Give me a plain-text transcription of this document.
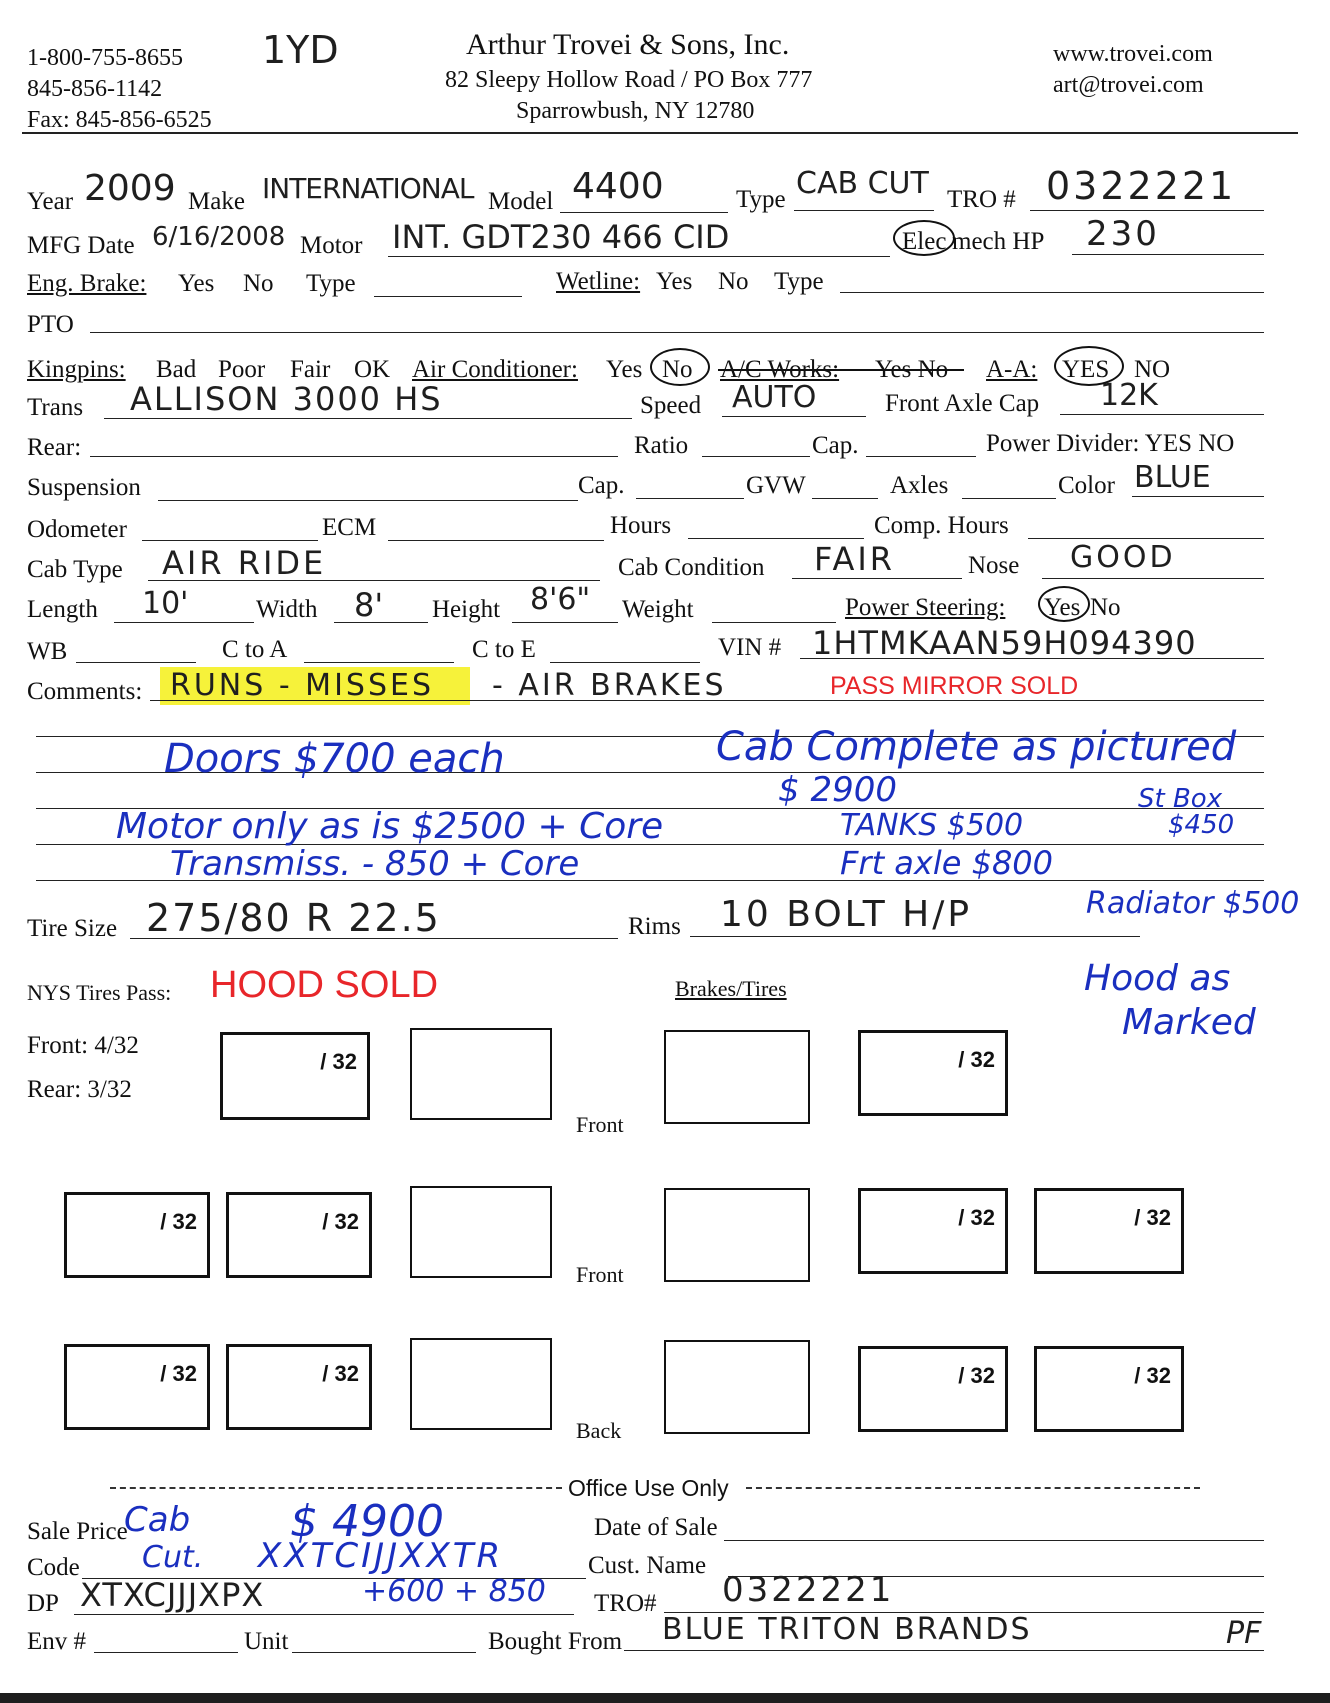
1-800-755-8655
845-856-1142
Fax: 845-856-6525
1YD	Arthur Trovei & Sons, Inc.
82 Sleepy Hollow Road / PO Box 777
Sparrowbush, NY 12780
www.trovei.com
art@trovei.com
Year 2009 Make INTERNATIONAL Model 4400	Type CAB CUT TRO # 0322221
MFG Date 6/16/2008 Motor INT. GDT230 466 CID	Elec mech HP 230
Eng. Brake: Yes No Type	Wetline: Yes No Type
PTO
Kingpins: Bad Poor Fair OK Air Conditioner: Yes No A/C Works: Yes No A-A: YES NO
Trans ALLISON 3000 HS	Speed AUTO	Front Axle Cap 12K
Rear:	Ratio	Cap.	Power Divider: YES NO
Suspension	Cap.	GVW	Axles	Color BLUE
Odometer	ECM	Hours	Comp. Hours
Cab Type AIR RIDE	Cab Condition FAIR	Nose GOOD
Length 10'	Width 8' Height 8'6" Weight	Power Steering: Yes No
WB	C to A	C to E	VIN # 1HTMKAAN59H094390
Comments: RUNS - MISSES - AIR BRAKES	PASS MIRROR SOLD
Doors $700 each	Cab Complete as pictured
$ 2900
Motor only as is $2500 + Core	TANKS $500
St Box
$450
Transmiss. - 850 + Core	Frt axle $800
Tire Size 275/80 R 22.5	Rims 10 BOLT H/P	Radiator $500
NYS Tires Pass: HOOD SOLD	Brakes/Tires	Hood as
Marked
Front: 4/32
Rear: 3/32
/ 32
Front
/ 32
/ 32	/ 32
Front
/ 32	/ 32
/ 32	/ 32
Back
/ 32	/ 32
Office Use Only
Sale Price
Cab $ 4900	Date of Sale
Code Cut. XXTCIJJXXTR	Cust. Name
DP XTXCJJJXPX	+600 + 850 TRO# 0322221
Env #	Unit	Bought From BLUE TRITON BRANDS	PF
